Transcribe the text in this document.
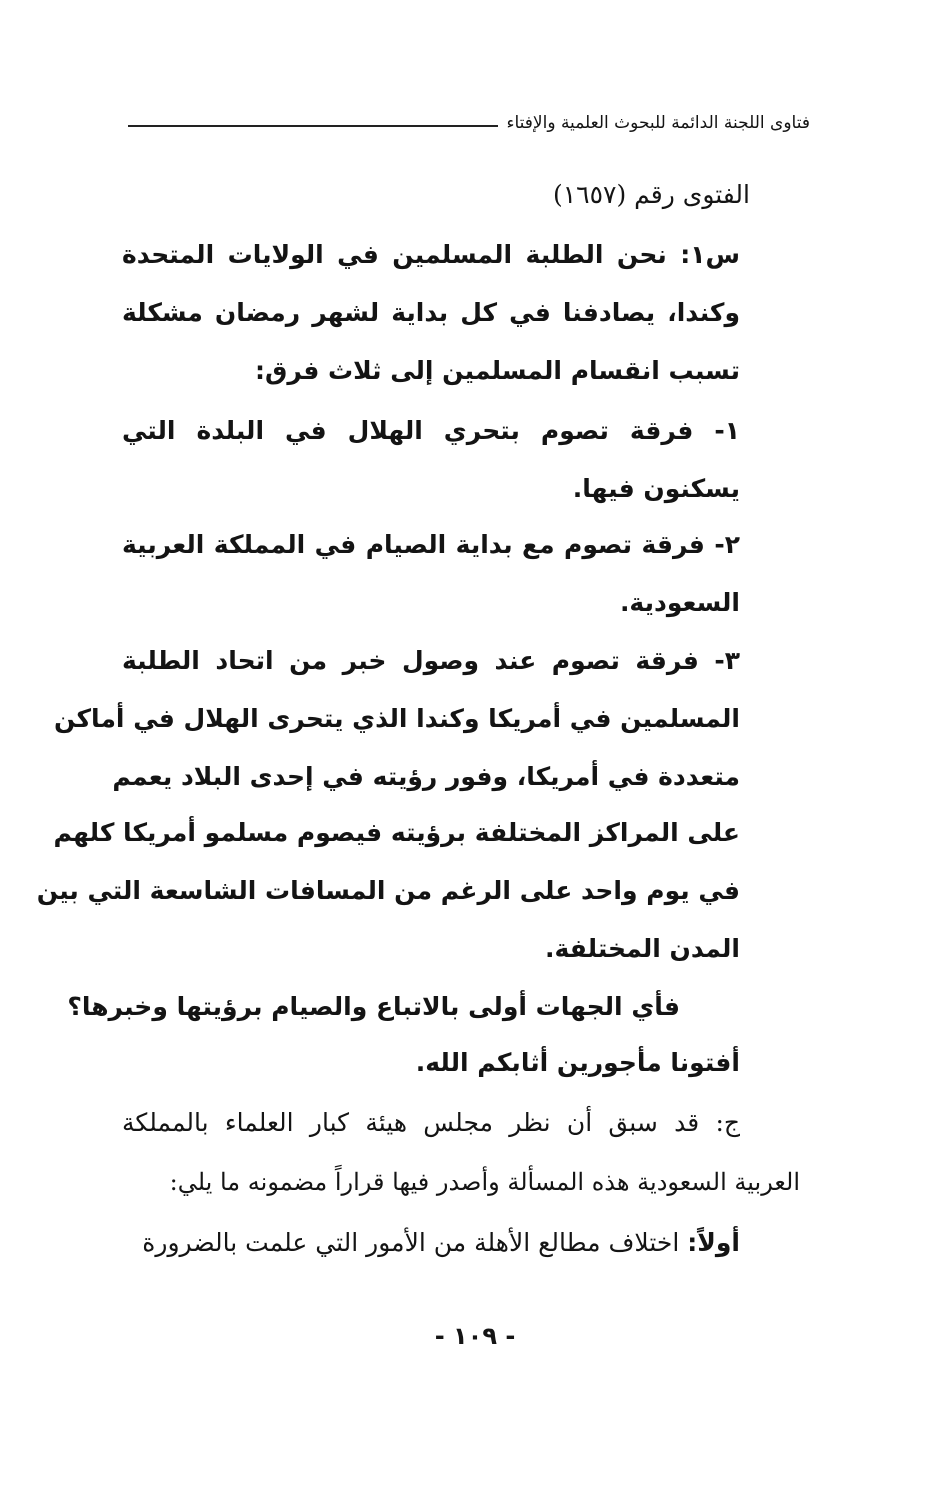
فتاوى اللجنة الدائمة للبحوث العلمية والإفتاء
الفتوى رقم (١٦٥٧)
س١: نحن الطلبة المسلمين في الولايات المتحدة
وكندا، يصادفنا في كل بداية لشهر رمضان مشكلة
تسبب انقسام المسلمين إلى ثلاث فرق:
١- فرقة تصوم بتحري الهلال في البلدة التي
يسكنون فيها.
٢- فرقة تصوم مع بداية الصيام في المملكة العربية
السعودية.
٣- فرقة تصوم عند وصول خبر من اتحاد الطلبة
المسلمين في أمريكا وكندا الذي يتحرى الهلال في أماكن
متعددة في أمريكا، وفور رؤيته في إحدى البلاد يعمم
على المراكز المختلفة برؤيته فيصوم مسلمو أمريكا كلهم
في يوم واحد على الرغم من المسافات الشاسعة التي بين
المدن المختلفة.
فأي الجهات أولى بالاتباع والصيام برؤيتها وخبرها؟
أفتونا مأجورين أثابكم الله.
ج: قد سبق أن نظر مجلس هيئة كبار العلماء بالمملكة
العربية السعودية هذه المسألة وأصدر فيها قراراً مضمونه ما يلي:
أولاً:
اختلاف مطالع الأهلة من الأمور التي علمت بالضرورة
- ١٠٩ -
